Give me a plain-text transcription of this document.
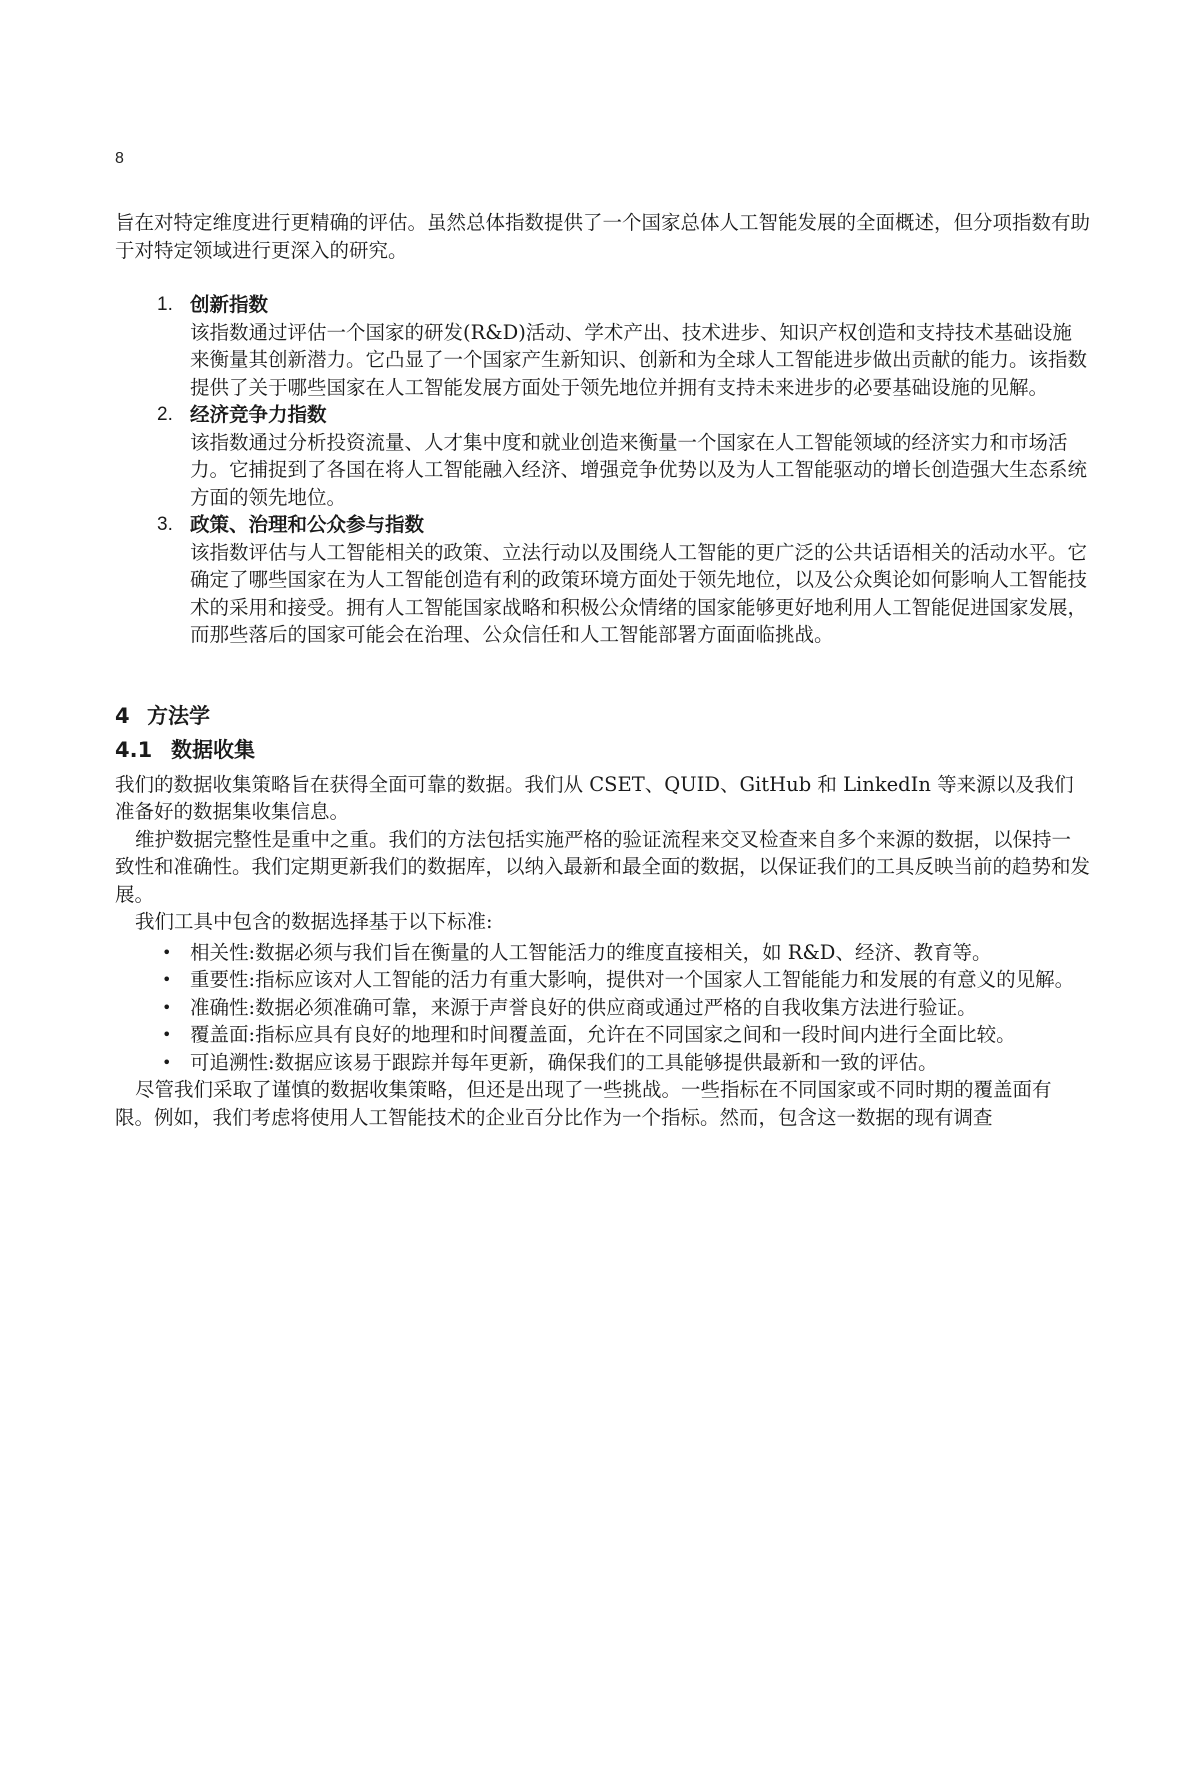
8

旨在对特定维度进行更精确的评估。虽然总体指数提供了一个国家总体人工智能发展的全面概述，但分项指数有助于对特定领域进行更深入的研究。

1. 创新指数
该指数通过评估一个国家的研发(R&D)活动、学术产出、技术进步、知识产权创造和支持技术基础设施来衡量其创新潜力。它凸显了一个国家产生新知识、创新和为全球人工智能进步做出贡献的能力。该指数提供了关于哪些国家在人工智能发展方面处于领先地位并拥有支持未来进步的必要基础设施的见解。
2. 经济竞争力指数
该指数通过分析投资流量、人才集中度和就业创造来衡量一个国家在人工智能领域的经济实力和市场活力。它捕捉到了各国在将人工智能融入经济、增强竞争优势以及为人工智能驱动的增长创造强大生态系统方面的领先地位。
3. 政策、治理和公众参与指数
该指数评估与人工智能相关的政策、立法行动以及围绕人工智能的更广泛的公共话语相关的活动水平。它确定了哪些国家在为人工智能创造有利的政策环境方面处于领先地位，以及公众舆论如何影响人工智能技术的采用和接受。拥有人工智能国家战略和积极公众情绪的国家能够更好地利用人工智能促进国家发展，而那些落后的国家可能会在治理、公众信任和人工智能部署方面面临挑战。
4 方法学
4.1 数据收集

我们的数据收集策略旨在获得全面可靠的数据。我们从 CSET、QUID、GitHub 和 LinkedIn 等来源以及我们准备好的数据集收集信息。

维护数据完整性是重中之重。我们的方法包括实施严格的验证流程来交叉检查来自多个来源的数据，以保持一致性和准确性。我们定期更新我们的数据库，以纳入最新和最全面的数据，以保证我们的工具反映当前的趋势和发展。

我们工具中包含的数据选择基于以下标准:

• 相关性:数据必须与我们旨在衡量的人工智能活力的维度直接相关，如 R&D、经济、教育等。
• 重要性:指标应该对人工智能的活力有重大影响，提供对一个国家人工智能能力和发展的有意义的见解。
• 准确性:数据必须准确可靠，来源于声誉良好的供应商或通过严格的自我收集方法进行验证。
• 覆盖面:指标应具有良好的地理和时间覆盖面，允许在不同国家之间和一段时间内进行全面比较。
• 可追溯性:数据应该易于跟踪并每年更新，确保我们的工具能够提供最新和一致的评估。

尽管我们采取了谨慎的数据收集策略，但还是出现了一些挑战。一些指标在不同国家或不同时期的覆盖面有限。例如，我们考虑将使用人工智能技术的企业百分比作为一个指标。然而，包含这一数据的现有调查
